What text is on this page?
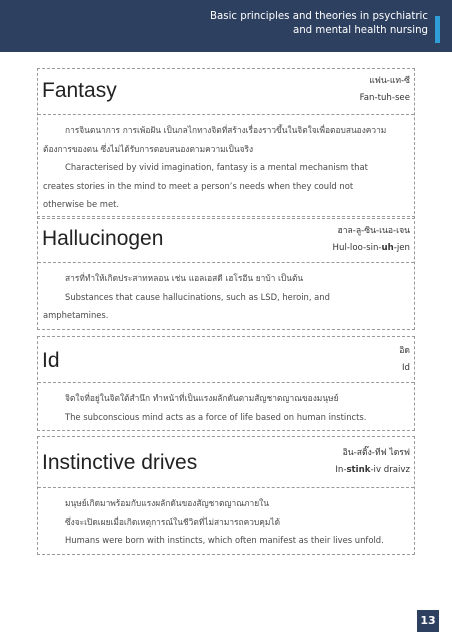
Basic principles and theories in psychiatric
and mental health nursing
Fantasy	แฟน-แท-ซี
Fan-tuh-see
การจินตนาการ การเพ้อฝัน เป็นกลไกทางจิตที่สร้างเรื่องราวขึ้นในจิตใจเพื่อตอบสนองความ
ต้องการของตน ซึ่งไม่ได้รับการตอบสนองตามความเป็นจริง
Characterised by vivid imagination, fantasy is a mental mechanism that
creates stories in the mind to meet a person’s needs when they could not
otherwise be met.
Hallucinogen	ฮาล-ลู-ซิน-เนอ-เจน
Hul-loo-sin-uh-jen
สารที่ทำให้เกิดประสาทหลอน เช่น แอลเอสดี เฮโรอีน ยาบ้า เป็นต้น
Substances that cause hallucinations, such as LSD, heroin, and
amphetamines.
Id	อิด
Id
จิตใจที่อยู่ในจิตใต้สำนึก ทำหน้าที่เป็นแรงผลักดันตามสัญชาตญาณของมนุษย์
The subconscious mind acts as a force of life based on human instincts.
Instinctive drives	อิน-สติ๊ง-ทีฟ ไดรฟ
In-stink-iv draivz
มนุษย์เกิดมาพร้อมกับแรงผลักดันของสัญชาตญาณภายใน
ซึ่งจะเปิดเผยเมื่อเกิดเหตุการณ์ในชีวิตที่ไม่สามารถควบคุมได้
Humans were born with instincts, which often manifest as their lives unfold.
13
